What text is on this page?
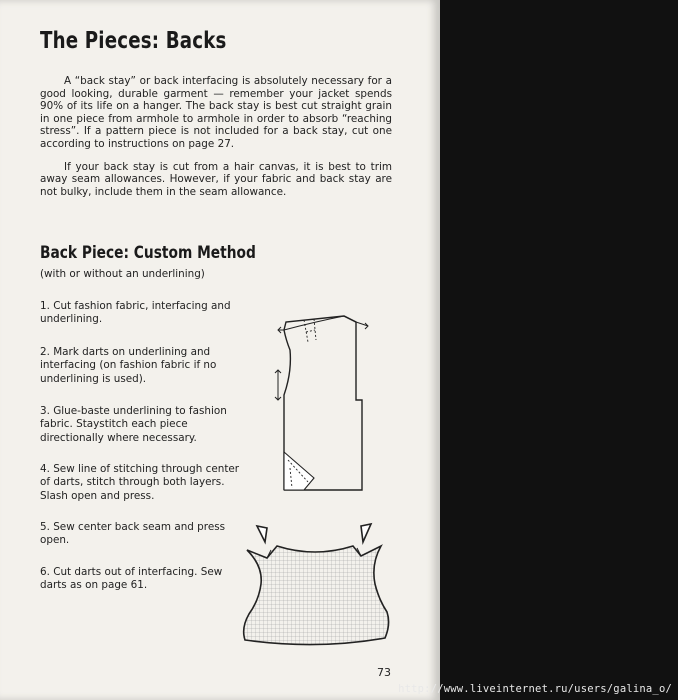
The Pieces: Backs

A “back stay” or back interfacing is absolutely necessary for a good looking, durable garment — remember your jacket spends 90% of its life on a hanger. The back stay is best cut straight grain in one piece from armhole to armhole in order to absorb “reaching stress”. If a pattern piece is not included for a back stay, cut one according to instructions on page 27.

If your back stay is cut from a hair canvas, it is best to trim away seam allowances. However, if your fabric and back stay are not bulky, include them in the seam allowance.

Back Piece: Custom Method
(with or without an underlining)
1. Cut fashion fabric, interfacing and underlining.
2. Mark darts on underlining and interfacing (on fashion fabric if no underlining is used).
3. Glue-baste underlining to fashion fabric. Staystitch each piece directionally where necessary.
4. Sew line of stitching through center of darts, stitch through both layers. Slash open and press.
5. Sew center back seam and press open.
6. Cut darts out of interfacing. Sew darts as on page 61.
73
http://www.liveinternet.ru/users/galina_o/
